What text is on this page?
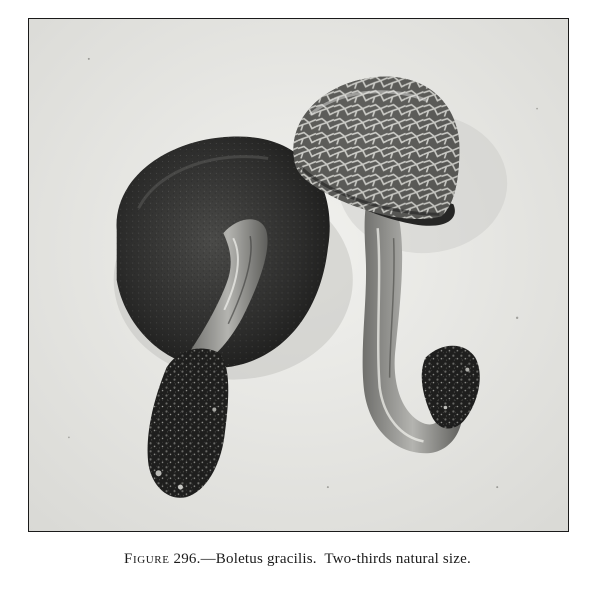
Figure 296.—Boletus gracilis. Two-thirds natural size.
